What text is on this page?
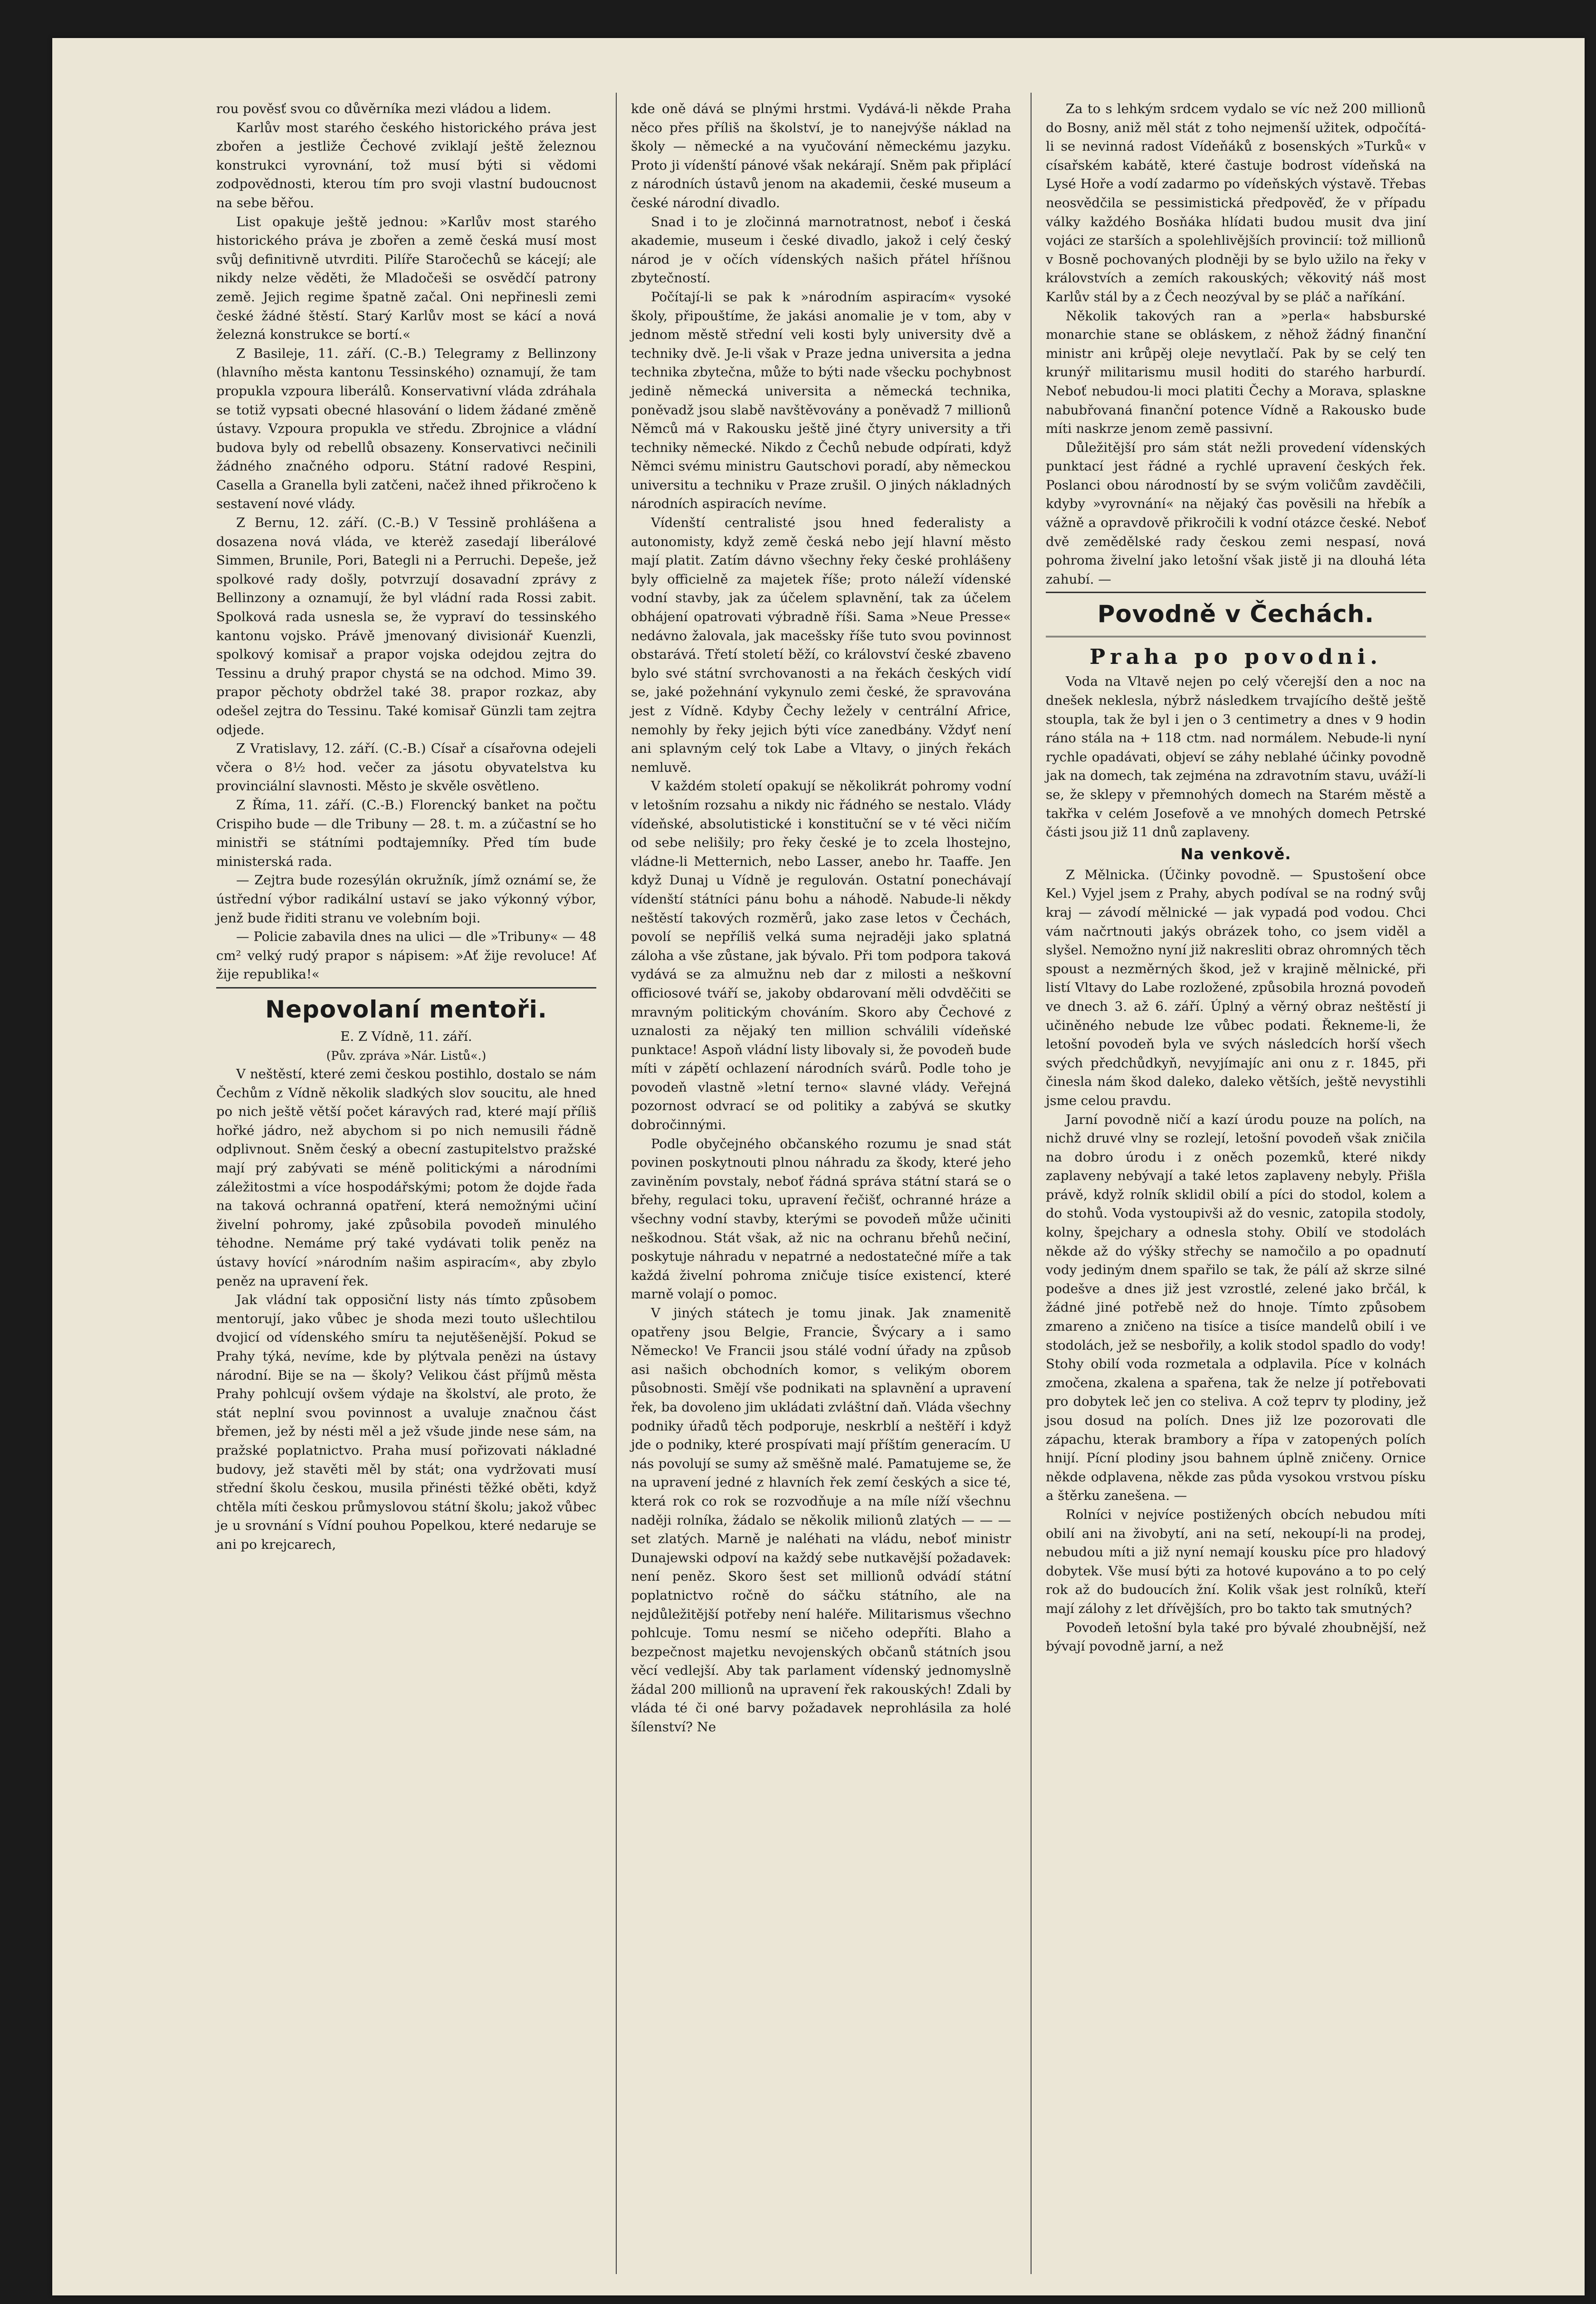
rou pověsť svou co důvěrníka mezi vládou a lidem.

Karlův most starého českého historického práva jest zbořen a jestliže Čechové zviklají ještě železnou konstrukci vyrovnání, tož musí býti si vědomi zodpovědnosti, kterou tím pro svoji vlastní budoucnost na sebe běřou.

List opakuje ještě jednou: »Karlův most starého historického práva je zbořen a země česká musí most svůj definitivně utvrditi. Pilíře Staročechů se kácejí; ale nikdy nelze věděti, že Mladočeši se osvědčí patrony země. Jejich regime špatně začal. Oni nepřinesli zemi české žádné štěstí. Starý Karlův most se kácí a nová železná konstrukce se bortí.«

Z Basileje, 11. září. (C.-B.) Telegramy z Bellinzony (hlavního města kantonu Tessinského) oznamují, že tam propukla vzpoura liberálů. Konservativní vláda zdráhala se totiž vypsati obecné hlasování o lidem žádané změně ústavy. Vzpoura propukla ve středu. Zbrojnice a vládní budova byly od rebellů obsazeny. Konservativci nečinili žádného značného odporu. Státní radové Respini, Casella a Granella byli zatčeni, načež ihned přikročeno k sestavení nové vlády.

Z Bernu, 12. září. (C.-B.) V Tessině prohlášena a dosazena nová vláda, ve kterėž zasedají liberálové Simmen, Brunile, Pori, Bategli ni a Perruchi. Depeše, jež spolkové rady došly, potvrzují dosavadní zprávy z Bellinzony a oznamují, že byl vládní rada Rossi zabit. Spolková rada usnesla se, že vypraví do tessinského kantonu vojsko. Právě jmenovaný divisionář Kuenzli, spolkový komisař a prapor vojska odejdou zejtra do Tessinu a druhý prapor chystá se na odchod. Mimo 39. prapor pěchoty obdržel také 38. prapor rozkaz, aby odešel zejtra do Tessinu. Také komisař Günzli tam zejtra odjede.

Z Vratislavy, 12. září. (C.-B.) Císař a císařovna odejeli včera o 8½ hod. večer za jásotu obyvatelstva ku provinciální slavnosti. Město je skvěle osvětleno.

Z Říma, 11. září. (C.-B.) Florencký banket na počtu Crispiho bude — dle Tribuny — 28. t. m. a zúčastní se ho ministři se státními podtajemníky. Před tím bude ministerská rada.

— Zejtra bude rozesýlán okružník, jímž oznámí se, že ústřední výbor radikální ustaví se jako výkonný výbor, jenž bude řiditi stranu ve volebním boji.

— Policie zabavila dnes na ulici — dle »Tribuny« — 48 cm² velký rudý prapor s nápisem: »Ať žije revoluce! Ať žije republika!«

Nepovolaní mentoři.

E. Z Vídně, 11. září.

(Pův. zpráva »Nár. Listů«.)

V neštěstí, které zemi českou postihlo, dostalo se nám Čechům z Vídně několik sladkých slov soucitu, ale hned po nich ještě větší počet káravých rad, které mají příliš hořké jádro, než abychom si po nich nemusili řádně odplivnout. Sněm český a obecní zastupitelstvo pražské mají prý zabývati se méně politickými a národními záležitostmi a více hospodářskými; potom že dojde řada na taková ochranná opatření, která nemožnými učiní živelní pohromy, jaké způsobila povodeň minulého tėhodne. Nemáme prý také vydávati tolik peněz na ústavy hovící »národním našim aspiracím«, aby zbylo peněz na upravení řek.

Jak vládní tak opposiční listy nás tímto způsobem mentorují, jako vůbec je shoda mezi touto ušlechtilou dvojicí od vídenského smíru ta nejutěšenější. Pokud se Prahy týká, nevíme, kde by plýtvala penězi na ústavy národní. Bije se na — školy? Velikou část příjmů města Prahy pohlcují ovšem výdaje na školství, ale proto, že stát neplní svou povinnost a uvaluje značnou část břemen, jež by nésti měl a jež všude jinde nese sám, na pražské poplatnictvo. Praha musí pořizovati nákladné budovy, jež stavěti měl by stát; ona vydržovati musí střední školu českou, musila přinésti těžké oběti, když chtěla míti českou průmyslovou státní školu; jakož vůbec je u srovnání s Vídní pouhou Popelkou, které nedaruje se ani po krejcarech,

kde oně dává se plnými hrstmi. Vydává-li někde Praha něco přes příliš na školství, je to nanejvýše náklad na školy — německé a na vyučování německému jazyku. Proto ji vídenští pánové však nekárají. Sněm pak připlácí z národních ústavů jenom na akademii, české museum a české národní divadlo.

Snad i to je zločinná marnotratnost, neboť i česká akademie, museum i české divadlo, jakož i celý český národ je v očích vídenských našich přátel hříšnou zbytečností.

Počítají-li se pak k »národním aspiracím« vysoké školy, připouštíme, že jakási anomalie je v tom, aby v jednom městě střední veli kosti byly university dvě a techniky dvě. Je-li však v Praze jedna universita a jedna technika zbytečna, může to býti nade všecku pochybnost jedině německá universita a německá technika, poněvadž jsou slabě navštěvovány a poněvadž 7 millionů Němců má v Rakousku ještě jiné čtyry university a tři techniky německé. Nikdo z Čechů nebude odpírati, když Němci svému ministru Gautschovi poradí, aby německou universitu a techniku v Praze zrušil. O jiných nákladných národních aspiracích nevíme.

Vídenští centralisté jsou hned federalisty a autonomisty, když země česká nebo její hlavní město mají platit. Zatím dávno všechny řeky české prohlášeny byly officielně za majetek říše; proto náleží vídenské vodní stavby, jak za účelem splavnění, tak za účelem obhájení opatrovati výbradně říši. Sama »Neue Presse« nedávno žalovala, jak macešsky říše tuto svou povinnost obstarává. Třetí století běží, co království české zbaveno bylo své státní svrchovanosti a na řekách českých vidí se, jaké požehnání vykynulo zemi české, že spravována jest z Vídně. Kdyby Čechy ležely v centrální Africe, nemohly by řeky jejich býti více zanedbány. Vždyť není ani splavným celý tok Labe a Vltavy, o jiných řekách nemluvě.

V každém století opakují se několikrát pohromy vodní v letošním rozsahu a nikdy nic řádného se nestalo. Vlády vídeňské, absolutistické i konstituční se v té věci ničím od sebe nelišily; pro řeky české je to zcela lhostejno, vládne-li Metternich, nebo Lasser, anebo hr. Taaffe. Jen když Dunaj u Vídně je regulován. Ostatní ponechávají vídenští státníci pánu bohu a náhodě. Nabude-li někdy neštěstí takových rozměrů, jako zase letos v Čechách, povolí se nepříliš velká suma nejraději jako splatná záloha a vše zůstane, jak bývalo. Při tom podpora taková vydává se za almužnu neb dar z milosti a neškovní officiosové tváří se, jakoby obdarovaní měli odvděčiti se mravným politickým chováním. Skoro aby Čechové z uznalosti za nějaký ten million schválili vídeňské punktace! Aspoň vládní listy libovaly si, že povodeň bude míti v zápětí ochlazení národních svárů. Podle toho je povodeň vlastně »letní terno« slavné vlády. Veřejná pozornost odvrací se od politiky a zabývá se skutky dobročinnými.

Podle obyčejného občanského rozumu je snad stát povinen poskytnouti plnou náhradu za škody, které jeho zaviněním povstaly, neboť řádná správa státní stará se o břehy, regulaci toku, upravení řečišť, ochranné hráze a všechny vodní stavby, kterými se povodeň může učiniti neškodnou. Stát však, až nic na ochranu břehů nečiní, poskytuje náhradu v nepatrné a nedostatečné míře a tak každá živelní pohroma zničuje tisíce existencí, které marně volají o pomoc.

V jiných státech je tomu jinak. Jak znamenitě opatřeny jsou Belgie, Francie, Švýcary a i samo Německo! Ve Francii jsou stálé vodní úřady na způsob asi našich obchodních komor, s velikým oborem působnosti. Smějí vše podnikati na splavnění a upravení řek, ba dovoleno jim ukládati zvláštní daň. Vláda všechny podniky úřadů těch podporuje, neskrblí a neštěří i když jde o podniky, které prospívati mají příštím generacím. U nás povolují se sumy až směšně malé. Pamatujeme se, že na upravení jedné z hlavních řek zemí českých a sice té, která rok co rok se rozvodňuje a na míle níží všechnu naději rolníka, žádalo se několik milionů zlatých — — — set zlatých. Marně je naléhati na vládu, neboť ministr Dunajewski odpoví na každý sebe nutkavější požadavek: není peněz. Skoro šest set millionů odvádí státní poplatnictvo ročně do sáčku státního, ale na nejdůležitější potřeby není haléře. Militarismus všechno pohlcuje. Tomu nesmí se ničeho odepříti. Blaho a bezpečnost majetku nevojenských občanů státních jsou věcí vedlejší. Aby tak parlament vídenský jednomyslně žádal 200 millionů na upravení řek rakouských! Zdali by vláda té či oné barvy požadavek neprohlásila za holé šílenství? Ne

Za to s lehkým srdcem vydalo se víc než 200 millionů do Bosny, aniž měl stát z toho nejmenší užitek, odpočítá-li se nevinná radost Vídeňáků z bosenských »Turků« v císařském kabátě, které častuje bodrost vídeňská na Lysé Hoře a vodí zadarmo po vídeňských výstavě. Třebas neosvědčila se pessimistická předpověď, že v případu války každého Bosňáka hlídati budou musit dva jiní vojáci ze starších a spolehlivějších provincií: tož millionů v Bosně pochovaných plodněji by se bylo užilo na řeky v královstvích a zemích rakouských; věkovitý náš most Karlův stál by a z Čech neozýval by se pláč a naříkání.

Několik takových ran a »perla« habsburské monarchie stane se obláskem, z něhož žádný finanční ministr ani krůpěj oleje nevytlačí. Pak by se celý ten krunýř militarismu musil hoditi do starého harburdí. Neboť nebudou-li moci platiti Čechy a Morava, splaskne nabubřovaná finanční potence Vídně a Rakousko bude míti naskrze jenom země passivní.

Důležitější pro sám stát nežli provedení vídenských punktací jest řádné a rychlé upravení českých řek. Poslanci obou národností by se svým voličům zavděčili, kdyby »vyrovnání« na nějaký čas pověsili na hřebík a vážně a opravdově přikročili k vodní otázce české. Neboť dvě zemědělské rady českou zemi nespasí, nová pohroma živelní jako letošní však jistě ji na dlouhá léta zahubí. —

Povodně v Čechách.
Praha po povodni.

Voda na Vltavě nejen po celý včerejší den a noc na dnešek neklesla, nýbrž následkem trvajícího deště ještě stoupla, tak že byl i jen o 3 centimetry a dnes v 9 hodin ráno stála na + 118 ctm. nad normálem. Nebude-li nyní rychle opadávati, objeví se záhy neblahé účinky povodně jak na domech, tak zejména na zdravotním stavu, uváží-li se, že sklepy v přemnohých domech na Starém městě a takřka v celém Josefově a ve mnohých domech Petrské části jsou již 11 dnů zaplaveny.

Na venkově.

Z Mělnicka. (Účinky povodně. — Spustošení obce Kel.) Vyjel jsem z Prahy, abych podíval se na rodný svůj kraj — závodí mělnické — jak vypadá pod vodou. Chci vám načrtnouti jakýs obrázek toho, co jsem viděl a slyšel. Nemožno nyní již nakresliti obraz ohromných těch spoust a nezměrných škod, jež v krajině mělnické, při listí Vltavy do Labe rozložené, způsobila hrozná povodeň ve dnech 3. až 6. září. Úplný a věrný obraz neštěstí ji učiněného nebude lze vůbec podati. Řekneme-li, že letošní povodeň byla ve svých následcích horší všech svých předchůdkyň, nevyjímajíc ani onu z r. 1845, při činesla nám škod daleko, daleko větších, ještě nevystihli jsme celou pravdu.

Jarní povodně ničí a kazí úrodu pouze na polích, na nichž druvé vlny se rozlejí, letošní povodeň však zničila na dobro úrodu i z oněch pozemků, které nikdy zaplaveny nebývají a také letos zaplaveny nebyly. Přišla právě, když rolník sklidil obilí a píci do stodol, kolem a do stohů. Voda vystoupivši až do vesnic, zatopila stodoly, kolny, špejchary a odnesla stohy. Obilí ve stodolách někde až do výšky střechy se namočilo a po opadnutí vody jediným dnem spařilo se tak, že pálí až skrze silné podešve a dnes již jest vzrostlé, zelené jako brčál, k žádné jiné potřebě než do hnoje. Tímto způsobem zmareno a zničeno na tisíce a tisíce mandelů obilí i ve stodolách, jež se nesbořily, a kolik stodol spadlo do vody! Stohy obilí voda rozmetala a odplavila. Píce v kolnách zmočena, zkalena a spařena, tak že nelze jí potřebovati pro dobytek leč jen co steliva. A což teprv ty plodiny, jež jsou dosud na polích. Dnes již lze pozorovati dle zápachu, kterak brambory a řípa v zatopených polích hnijí. Pícní plodiny jsou bahnem úplně zničeny. Ornice někde odplavena, někde zas půda vysokou vrstvou písku a štěrku zanešena. —

Rolníci v nejvíce postižených obcích nebudou míti obilí ani na živobytí, ani na setí, nekoupí-li na prodej, nebudou míti a již nyní nemají kousku píce pro hladový dobytek. Vše musí býti za hotové kupováno a to po celý rok až do budoucích žní. Kolik však jest rolníků, kteří mají zálohy z let dřívějších, pro bo takto tak smutných?

Povodeň letošní byla také pro bývalé zhoubnější, než bývají povodně jarní, a než
